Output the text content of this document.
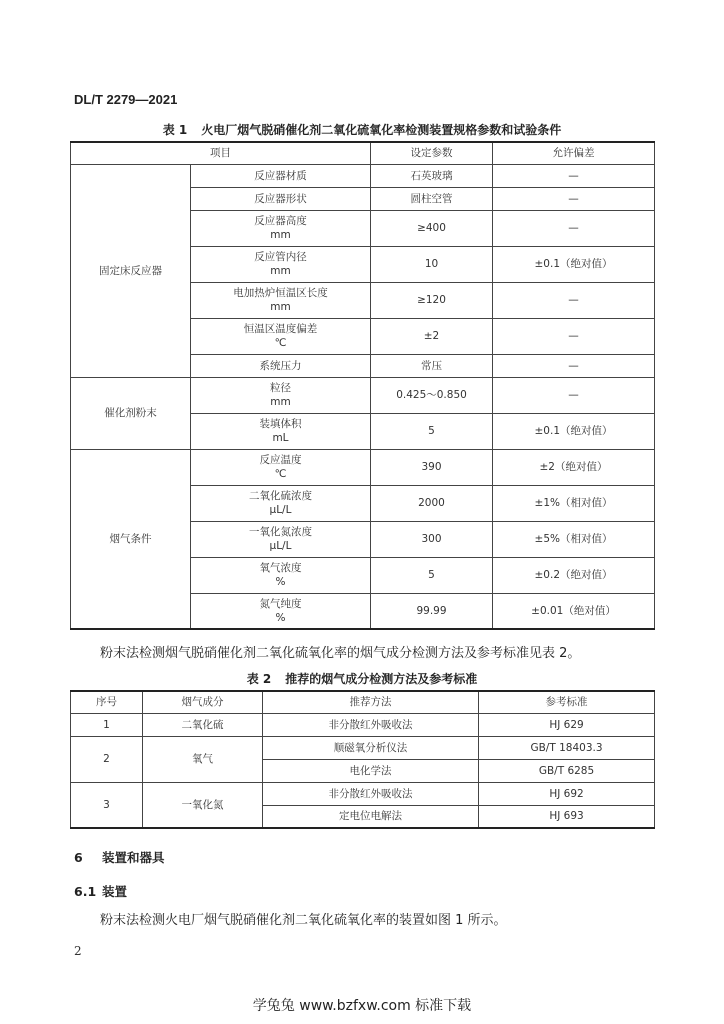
DL/T 2279—2021
表 1 火电厂烟气脱硝催化剂二氧化硫氧化率检测装置规格参数和试验条件
项目		设定参数	允许偏差
固定床反应器	反应器材质	石英玻璃	—

	反应器形状	圆柱空管	—

	反应器高度
mm	≥400	—

	反应管内径
mm	10	±0.1（绝对值）

	电加热炉恒温区长度
mm	≥120	—

	恒温区温度偏差
℃	±2	—

	系统压力	常压	—
催化剂粉末	粒径
mm	0.425～0.850	—

	装填体积
mL	5	±0.1（绝对值）
烟气条件	反应温度
℃	390	±2（绝对值）

	二氧化硫浓度
μL/L	2000	±1%（相对值）

	一氧化氮浓度
μL/L	300	±5%（相对值）

	氧气浓度
%	5	±0.2（绝对值）

	氮气纯度
%	99.99	±0.01（绝对值）
粉末法检测烟气脱硝催化剂二氧化硫氧化率的烟气成分检测方法及参考标准见表 2。
表 2 推荐的烟气成分检测方法及参考标准
序号	烟气成分	推荐方法	参考标准
1	二氧化硫	非分散红外吸收法	HJ 629
2	氧气	顺磁氧分析仪法	GB/T 18403.3
		电化学法	GB/T 6285
3	一氧化氮	非分散红外吸收法	HJ 692
		定电位电解法	HJ 693
6 装置和器具
6.1 装置
粉末法检测火电厂烟气脱硝催化剂二氧化硫氧化率的装置如图 1 所示。
2
学兔兔 www.bzfxw.com 标准下载
